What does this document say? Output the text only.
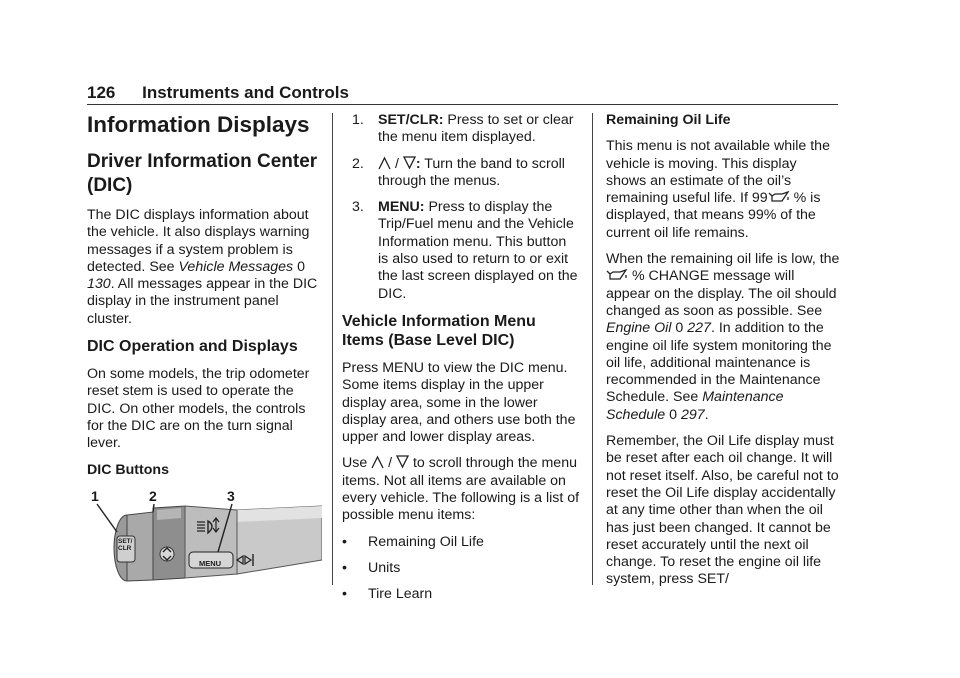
126 Instruments and Controls
Information Displays
Driver Information Center (DIC)

The DIC displays information about the vehicle. It also displays warning messages if a system problem is detected. See Vehicle Messages 0 130. All messages appear in the DIC display in the instrument panel cluster.

DIC Operation and Displays

On some models, the trip odometer reset stem is used to operate the DIC. On other models, the controls for the DIC are on the turn signal lever.

DIC Buttons

1	2	3
SET/
CLR
MENU
1. SET/CLR: Press to set or clear the menu item displayed.
2. / : Turn the band to scroll through the menus.
3. MENU: Press to display the Trip/Fuel menu and the Vehicle Information menu. This button is also used to return to or exit the last screen displayed on the DIC.
Vehicle Information Menu Items (Base Level DIC)

Press MENU to view the DIC menu. Some items display in the upper display area, some in the lower display area, and others use both the upper and lower display areas.

Use  /  to scroll through the menu items. Not all items are available on every vehicle. The following is a list of possible menu items:

• Remaining Oil Life
• Units
• Tire Learn

Remaining Oil Life

This menu is not available while the vehicle is moving. This display shows an estimate of the oil’s remaining useful life. If 99 % is displayed, that means 99% of the current oil life remains.

When the remaining oil life is low, the  % CHANGE message will appear on the display. The oil should changed as soon as possible. See Engine Oil 0 227. In addition to the engine oil life system monitoring the oil life, additional maintenance is recommended in the Maintenance Schedule. See Maintenance Schedule 0 297.

Remember, the Oil Life display must be reset after each oil change. It will not reset itself. Also, be careful not to reset the Oil Life display accidentally at any time other than when the oil has just been changed. It cannot be reset accurately until the next oil change. To reset the engine oil life system, press SET/
